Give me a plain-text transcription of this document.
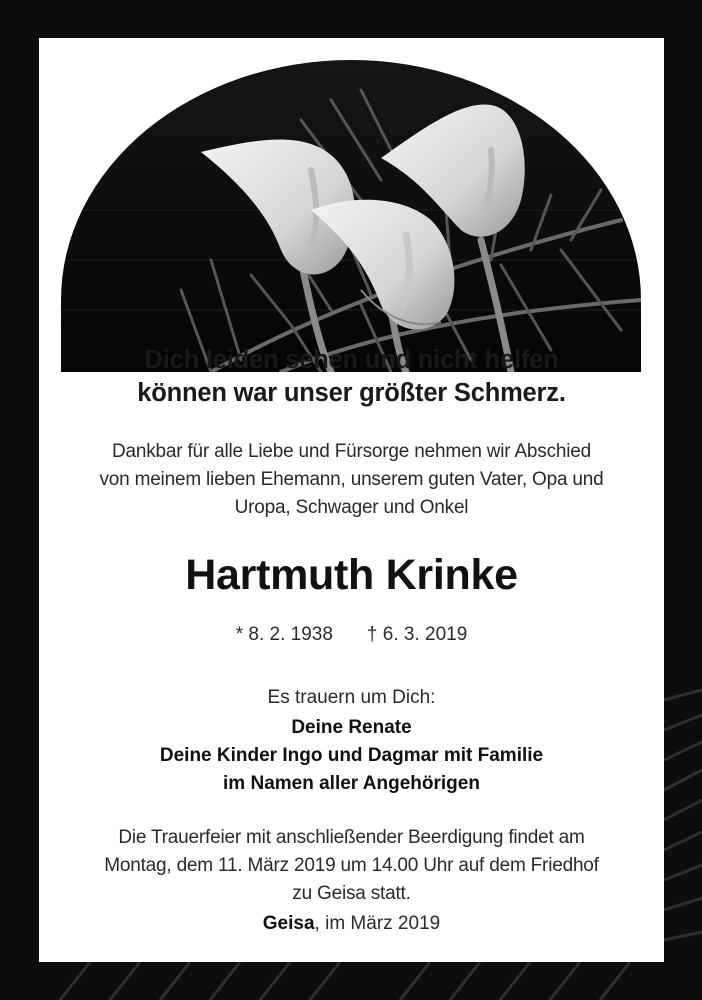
Dich leiden sehen und nicht helfen
können war unser größter Schmerz.
Dankbar für alle Liebe und Fürsorge nehmen wir Abschied
von meinem lieben Ehemann, unserem guten Vater, Opa und
Uropa, Schwager und Onkel
Hartmuth Krinke
* 8. 2. 1938 † 6. 3. 2019
Es trauern um Dich:
Deine Renate
Deine Kinder Ingo und Dagmar mit Familie
im Namen aller Angehörigen
Die Trauerfeier mit anschließender Beerdigung findet am
Montag, dem 11. März 2019 um 14.00 Uhr auf dem Friedhof
zu Geisa statt.
Geisa, im März 2019
